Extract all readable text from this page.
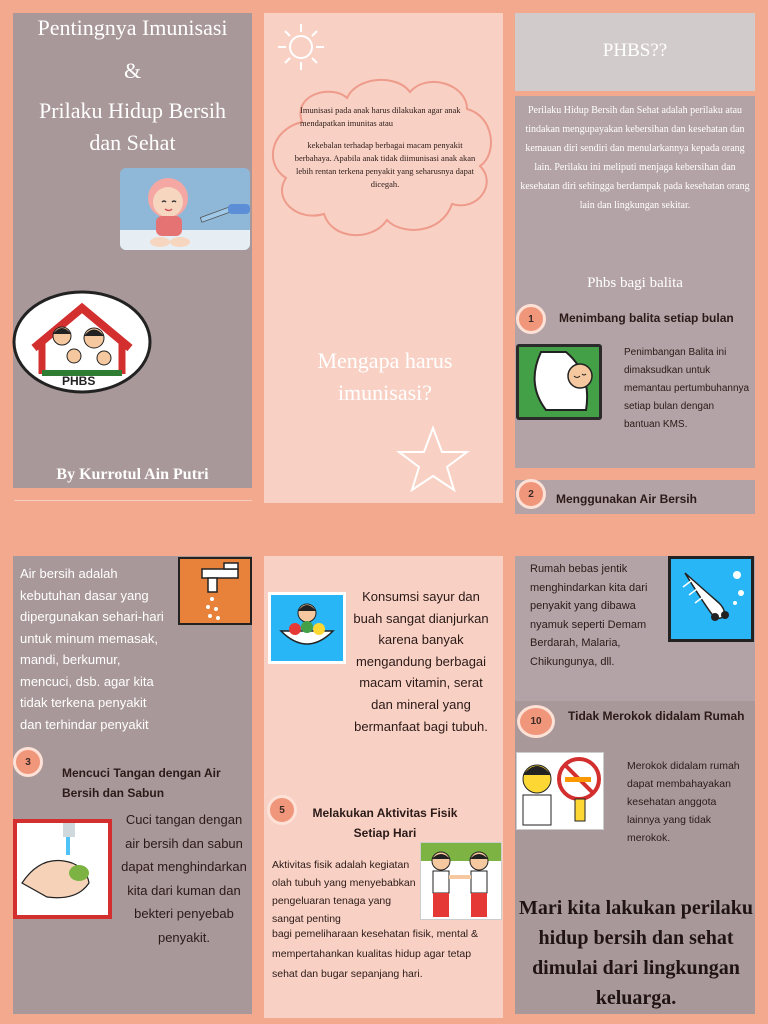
Pentingnya Imunisasi
&
Prilaku Hidup Bersih dan Sehat
PHBS
By Kurrotul Ain Putri
Imunisasi pada anak harus dilakukan agar anak mendapatkan imunitas atau
kekebalan terhadap berbagai macam penyakit berbahaya. Apabila anak tidak diimunisasi anak akan lebih rentan terkena penyakit yang seharusnya dapat dicegah.
Mengapa harus imunisasi?
PHBS??
Perilaku Hidup Bersih dan Sehat adalah perilaku atau tindakan mengupayakan kebersihan dan kesehatan dan kemauan diri sendiri dan menularkannya kepada orang lain. Perilaku ini meliputi menjaga kebersihan dan kesehatan diri sehingga berdampak pada kesehatan orang lain dan lingkungan sekitar.
Phbs bagi balita
1	Menimbang balita setiap bulan
Penimbangan Balita ini dimaksudkan untuk memantau pertumbuhannya setiap bulan dengan bantuan KMS.
2	Menggunakan Air Bersih
Air bersih adalah kebutuhan dasar yang dipergunakan sehari-hari untuk minum memasak, mandi, berkumur, mencuci, dsb. agar kita tidak terkena penyakit dan terhindar penyakit
3
Mencuci Tangan dengan Air Bersih dan Sabun
Cuci tangan dengan air bersih dan sabun dapat menghindarkan kita dari kuman dan bekteri penyebab penyakit.
Konsumsi sayur dan buah sangat dianjurkan karena banyak mengandung berbagai macam vitamin, serat dan mineral yang bermanfaat bagi tubuh.
5	Melakukan Aktivitas Fisik Setiap Hari
Aktivitas fisik adalah kegiatan olah tubuh yang menyebabkan pengeluaran tenaga yang sangat penting
bagi pemeliharaan kesehatan fisik, mental & mempertahankan kualitas hidup agar tetap sehat dan bugar sepanjang hari.
Rumah bebas jentik menghindarkan kita dari penyakit yang dibawa nyamuk seperti Demam Berdarah, Malaria, Chikungunya, dll.
10	Tidak Merokok didalam Rumah
Merokok didalam rumah dapat membahayakan kesehatan anggota lainnya yang tidak merokok.
Mari kita lakukan perilaku hidup bersih dan sehat dimulai dari lingkungan keluarga.
